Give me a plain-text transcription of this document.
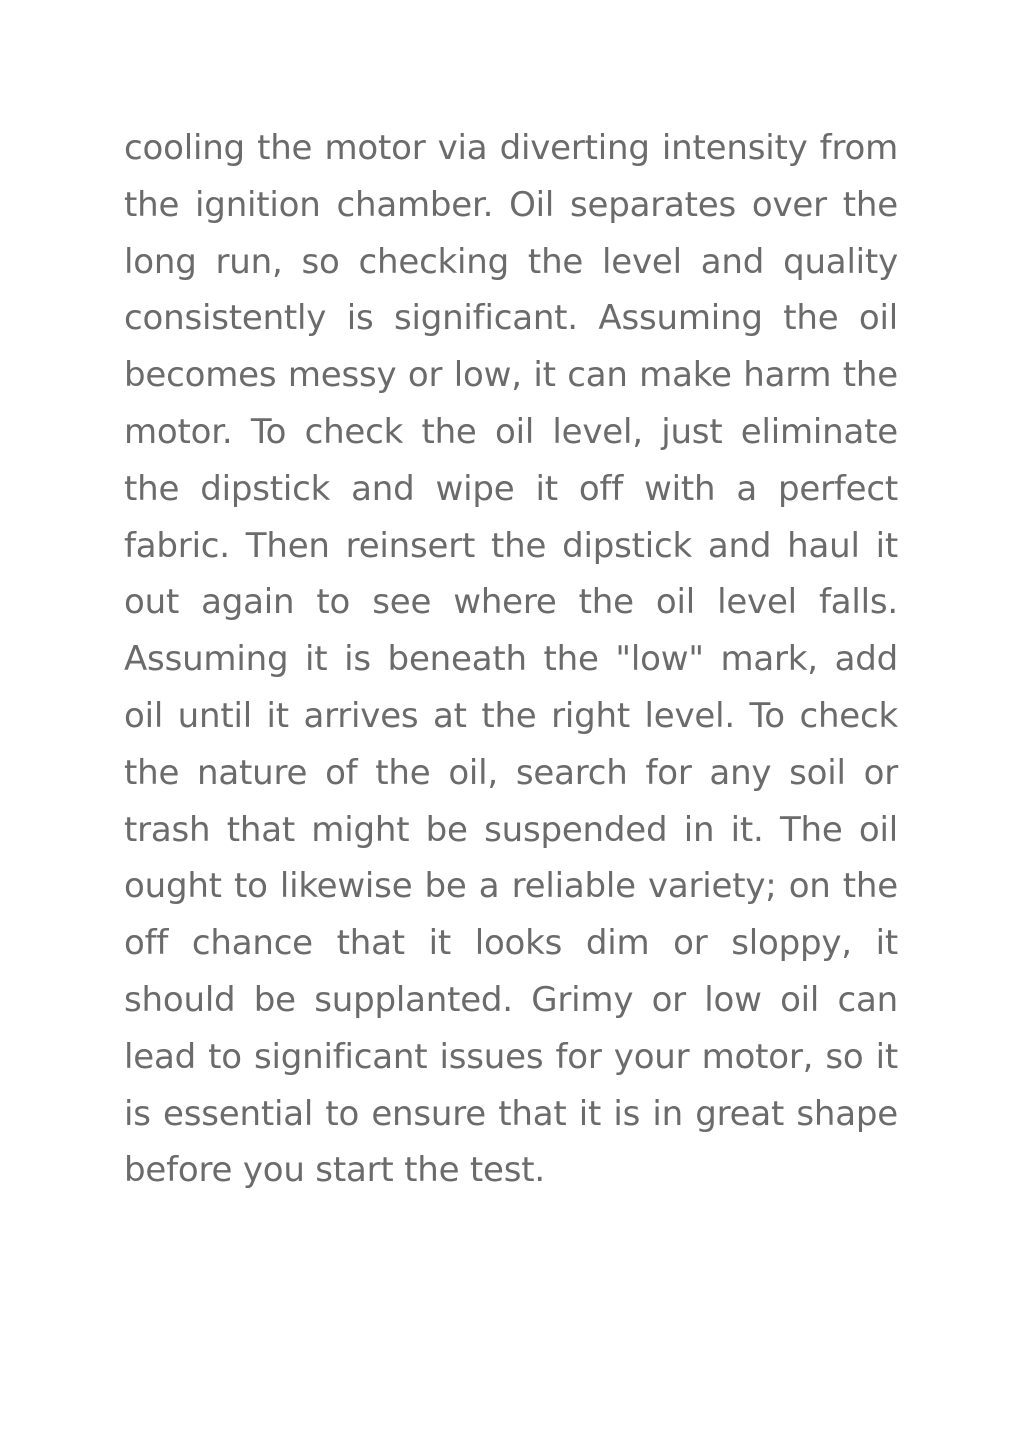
cooling the motor via diverting intensity from the ignition chamber. Oil separates over the long run, so checking the level and quality consistently is significant. Assuming the oil becomes messy or low, it can make harm the motor. To check the oil level, just eliminate the dipstick and wipe it off with a perfect fabric. Then reinsert the dipstick and haul it out again to see where the oil level falls. Assuming it is beneath the "low" mark, add oil until it arrives at the right level. To check the nature of the oil, search for any soil or trash that might be suspended in it. The oil ought to likewise be a reliable variety; on the off chance that it looks dim or sloppy, it should be supplanted. Grimy or low oil can lead to significant issues for your motor, so it is essential to ensure that it is in great shape before you start the test.
